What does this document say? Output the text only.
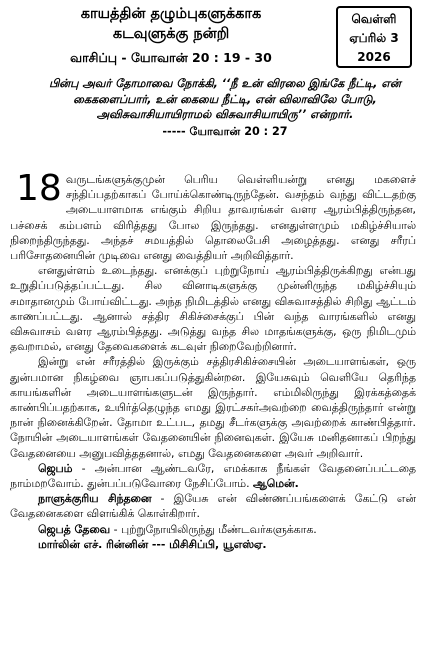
காயத்தின் தழும்புகளுக்காக
கடவுளுக்கு நன்றி
வாசிப்பு - யோவான் 20 : 19 - 30
வெள்ளி
ஏப்ரில் 3
2026
பின்பு அவர் தோமாவை நோக்கி, ‘‘நீ உன் விரலை இங்கே நீட்டி, என் கைகளைப்பார், உன் கையை நீட்டி, என் விலாவிலே போடு, அவிசுவாசியாயிராமல் விசுவாசியாயிரு’’ என்றார்.
----- யோவான் 20 : 27

18 வருடங்களுக்குமுன் பெரிய வெள்ளியன்று எனது மகளைச் சந்திப்பதற்காகப் போய்க்கொண்டிருந்தேன். வசந்தம் வந்து விட்டதற்கு அடையாளமாக எங்கும் சிறிய தாவரங்கள் வளர ஆரம்பித்திருந்தன, பச்சைக் கம்பளம் விரித்தது போல இருந்தது. எனதுள்ளமும் மகிழ்ச்சியால் நிறைந்திருந்தது. அந்தச் சமயத்தில் தொலைபேசி அழைத்தது. எனது சரீரப் பரிசோதனையின் முடிவை எனது வைத்தியர் அறிவித்தார்.

எனதுள்ளம் உடைந்தது. எனக்குப் புற்றுநோய் ஆரம்பித்திருக்கிறது என்பது உறுதிப்படுத்தப்பட்டது. சில வினாடிகளுக்கு முன்னிருந்த மகிழ்ச்சியும் சமாதானமும் போய்விட்டது. அந்த நிமிடத்தில் எனது விசுவாசத்தில் சிறிது ஆட்டம் காணப்பட்டது. ஆனால் சத்திர சிகிச்சைக்குப் பின் வந்த வாரங்களில் எனது விசுவாசம் வளர ஆரம்பித்தது. அடுத்து வந்த சில மாதங்களுக்கு, ஒரு நிமிடமும் தவறாமல், எனது தேவைகளைக் கடவுள் நிறைவேற்றினார்.

இன்று என் சரீரத்தில் இருக்கும் சத்திரசிகிச்சையின் அடையாளங்கள், ஒரு துன்பமான நிகழ்வை ஞாபகப்படுத்துகின்றன. இயேசுவும் வெளியே தெரிந்த காயங்களின் அடையாளங்களுடன் இருந்தார். எம்மிலிருந்து இரக்கத்தைக் காண்பிப்பதற்காக, உயிர்த்தெழுந்த எமது இரட்சகர்அவற்றை வைத்திருந்தார் என்று நான் நினைக்கிறேன். தோமா உட்பட, தமது சீடர்களுக்கு அவற்றைக் காண்பித்தார். நோயின் அடையாளங்கள் வேதனையின் நினைவுகள். இயேசு மனிதனாகப் பிறந்து வேதனையை அனுபவித்ததனால், எமது வேதனைகளை அவர் அறிவார்.

ஜெபம் - அன்பான ஆண்டவரே, எமக்காக நீங்கள் வேதனைப்பட்டதை நாம்மறவோம். துன்பப்படுவோரை நேசிப்போம். ஆமென்.

நாளுக்குரிய சிந்தனை - இயேசு என் விண்ணப்பங்களைக் கேட்டு என் வேதனைகளை விளங்கிக் கொள்கிறார்.

ஜெபத் தேவை - புற்றுநோயிலிருந்து மீண்டவர்களுக்காக.

மார்லின் எச். ரின்னின் --- மிசிசிப்பி, யூஎஸ்ஏ.
